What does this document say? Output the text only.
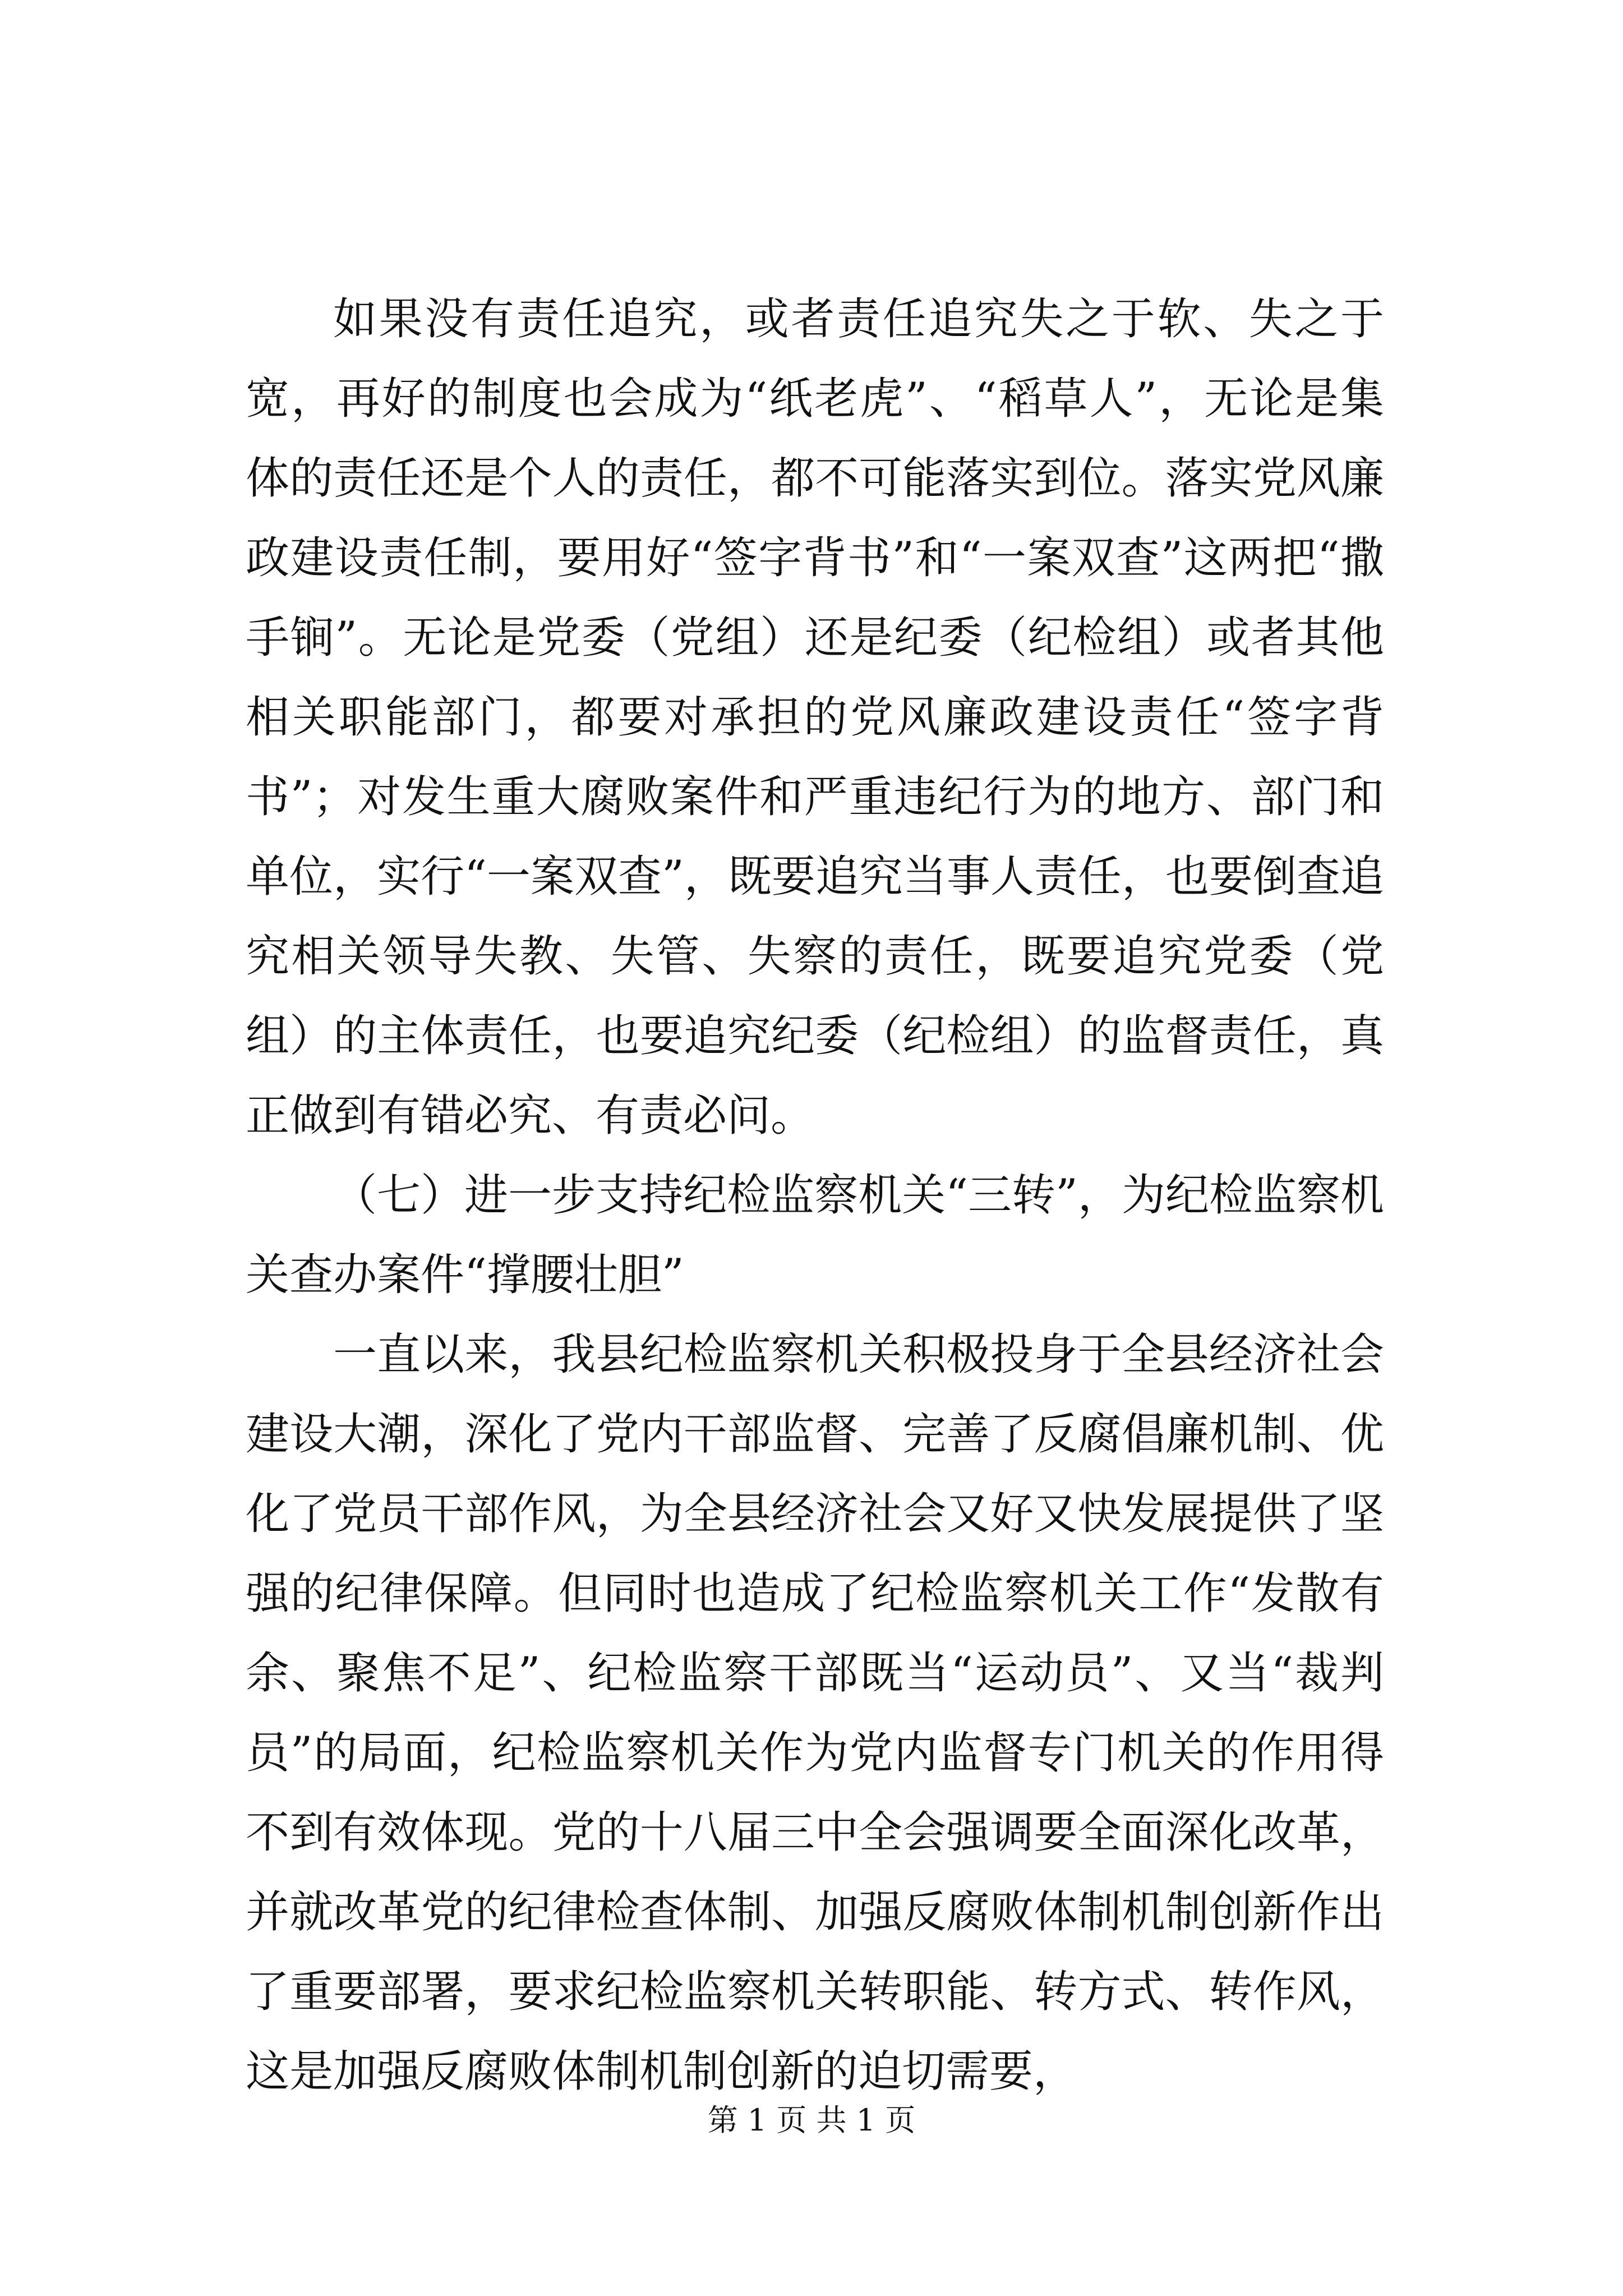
如果没有责任追究，或者责任追究失之于软、失之于宽，再好的制度也会成为“纸老虎”、“稻草人”，无论是集体的责任还是个人的责任，都不可能落实到位。落实党风廉政建设责任制，要用好“签字背书”和“一案双查”这两把“撒手锏”。无论是党委（党组）还是纪委（纪检组）或者其他相关职能部门，都要对承担的党风廉政建设责任“签字背书”；对发生重大腐败案件和严重违纪行为的地方、部门和单位，实行“一案双查”，既要追究当事人责任，也要倒查追究相关领导失教、失管、失察的责任，既要追究党委（党组）的主体责任，也要追究纪委（纪检组）的监督责任，真正做到有错必究、有责必问。

（七）进一步支持纪检监察机关“三转”，为纪检监察机关查办案件“撑腰壮胆”

一直以来，我县纪检监察机关积极投身于全县经济社会建设大潮，深化了党内干部监督、完善了反腐倡廉机制、优化了党员干部作风，为全县经济社会又好又快发展提供了坚强的纪律保障。但同时也造成了纪检监察机关工作“发散有余、聚焦不足”、纪检监察干部既当“运动员”、又当“裁判员”的局面，纪检监察机关作为党内监督专门机关的作用得不到有效体现。党的十八届三中全会强调要全面深化改革，并就改革党的纪律检查体制、加强反腐败体制机制创新作出了重要部署，要求纪检监察机关转职能、转方式、转作风，这是加强反腐败体制机制创新的迫切需要，

第 1 页 共 1 页
